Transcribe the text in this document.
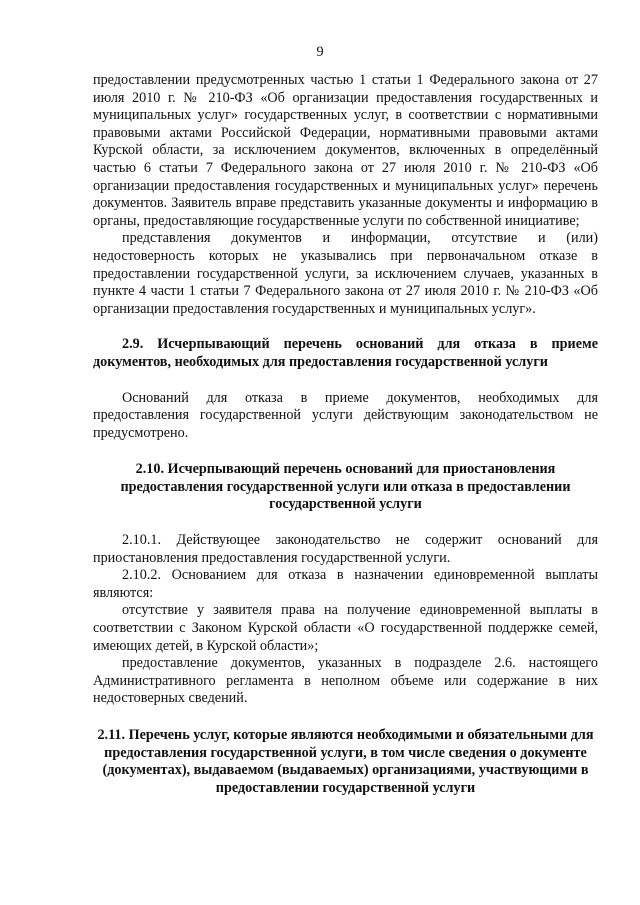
9

предоставлении предусмотренных частью 1 статьи 1 Федерального закона от 27 июля 2010 г. № 210-ФЗ «Об организации предоставления государственных и муниципальных услуг» государственных услуг, в соответствии с нормативными правовыми актами Российской Федерации, нормативными правовыми актами Курской области, за исключением документов, включенных в определённый частью 6 статьи 7 Федерального закона от 27 июля 2010 г. № 210-ФЗ «Об организации предоставления государственных и муниципальных услуг» перечень документов. Заявитель вправе представить указанные документы и информацию в органы, предоставляющие государственные услуги по собственной инициативе;

представления документов и информации, отсутствие и (или) недостоверность которых не указывались при первоначальном отказе в предоставлении государственной услуги, за исключением случаев, указанных в пункте 4 части 1 статьи 7 Федерального закона от 27 июля 2010 г. № 210-ФЗ «Об организации предоставления государственных и муниципальных услуг».

2.9. Исчерпывающий перечень оснований для отказа в приеме документов, необходимых для предоставления государственной услуги

Оснований для отказа в приеме документов, необходимых для предоставления государственной услуги действующим законодательством не предусмотрено.

2.10. Исчерпывающий перечень оснований для приостановления предоставления государственной услуги или отказа в предоставлении государственной услуги

2.10.1. Действующее законодательство не содержит оснований для приостановления предоставления государственной услуги.

2.10.2. Основанием для отказа в назначении единовременной выплаты являются:

отсутствие у заявителя права на получение единовременной выплаты в соответствии с Законом Курской области «О государственной поддержке семей, имеющих детей, в Курской области»;

предоставление документов, указанных в подразделе 2.6. настоящего Административного регламента в неполном объеме или содержание в них недостоверных сведений.

2.11. Перечень услуг, которые являются необходимыми и обязательными для предоставления государственной услуги, в том числе сведения о документе (документах), выдаваемом (выдаваемых) организациями, участвующими в предоставлении государственной услуги
